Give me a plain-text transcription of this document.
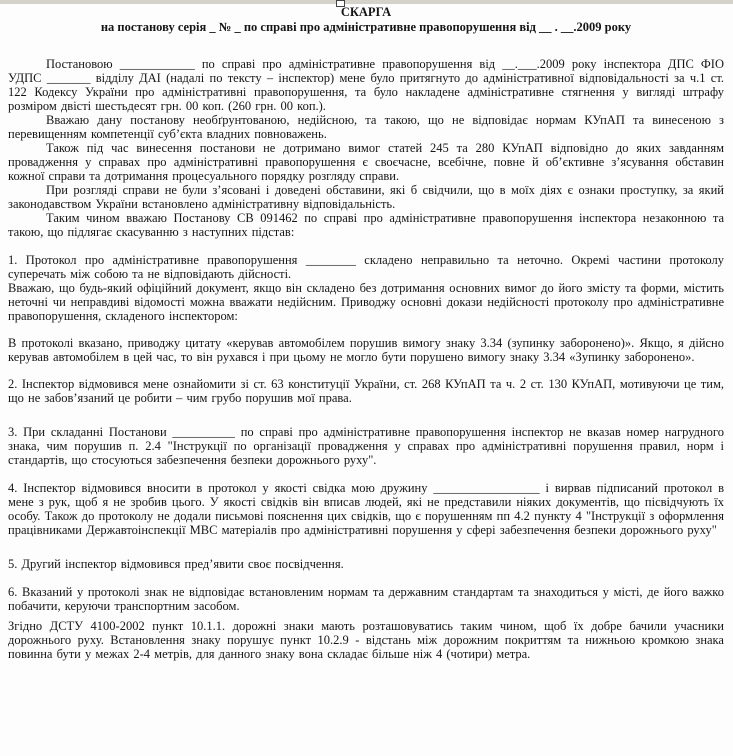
СКАРГА

на постанову серія _ № _ по справі про адміністративне правопорушення від __ . __.2009 року

Постановою ____________ по справі про адміністративне правопорушення від __.___.2009 року інспектора ДПС ФІО УДПС _______ відділу ДАІ (надалі по тексту – інспектор) мене було притягнуто до адміністративної відповідальності за ч.1 ст. 122 Кодексу України про адміністративні правопорушення, та було накладене адміністративне стягнення у вигляді штрафу розміром двісті шестьдесят грн. 00 коп. (260 грн. 00 коп.).

Вважаю дану постанову необґрунтованою, недійсною, та такою, що не відповідає нормам КУпАП та винесеною з перевищенням компетенції суб’єкта владних повноважень.

Також під час винесення постанови не дотримано вимог статей 245 та 280 КУпАП відповідно до яких завданням провадження у справах про адміністративні правопорушення є своєчасне, всебічне, повне й об’єктивне з’ясування обставин кожної справи та дотримання процесуального порядку розгляду справи.

При розгляді справи не були з’ясовані і доведені обставини, які б свідчили, що в моїх діях є ознаки проступку, за який законодавством України встановлено адміністративну відповідальність.

Таким чином вважаю Постанову СВ 091462 по справі про адміністративне правопорушення інспектора незаконною та такою, що підлягає скасуванню з наступних підстав:

1. Протокол про адміністративне правопорушення ________ складено неправильно та неточно. Окремі частини протоколу суперечать між собою та не відповідають дійсності.

Вважаю, що будь-який офіційний документ, якщо він складено без дотримання основних вимог до його змісту та форми, містить неточні чи неправдиві відомості можна вважати недійсним. Приводжу основні докази недійсності протоколу про адміністративне правопорушення, складеного інспектором:

В протоколі вказано, приводжу цитату «керував автомобілем порушив вимогу знаку 3.34 (зупинку заборонено)». Якщо, я дійсно керував автомобілем в цей час, то він рухався і при цьому не могло бути порушено вимогу знаку 3.34 «Зупинку заборонено».

2. Інспектор відмовився мене ознайомити зі ст. 63 конституції України, ст. 268 КУпАП та ч. 2 ст. 130 КУпАП, мотивуючи це тим, що не забов’язаний це робити – чим грубо порушив мої права.

3. При складанні Постанови __________ по справі про адміністративне правопорушення інспектор не вказав номер нагрудного знака, чим порушив п. 2.4 "Інструкції по організації провадження у справах про адміністративні порушення правил, норм і стандартів, що стосуються забезпечення безпеки дорожнього руху".

4. Інспектор відмовився вносити в протокол у якості свідка мою дружину _________________ і вирвав підписаний протокол в мене з рук, щоб я не зробив цього. У якості свідків він вписав людей, які не представили ніяких документів, що пісвідчують їх особу. Також до протоколу не додали письмові пояснення цих свідків, що є порушенням пп 4.2 пункту 4 "Інструкції з оформлення працівниками Державтоінспекції МВС матеріалів про адміністративні порушення у сфері забезпечення безпеки дорожнього руху"

5. Другий інспектор відмовився пред’явити своє посвідчення.

6. Вказаний у протоколі знак не відповідає встановленим нормам та державним стандартам та знаходиться у місті, де його важко побачити, керуючи транспортним засобом.

Згідно ДСТУ 4100-2002 пункт 10.1.1. дорожні знаки мають розташовуватись таким чином, щоб їх добре бачили учасники дорожнього руху. Встановлення знаку порушує пункт 10.2.9 - відстань між дорожним покриттям та нижньою кромкою знака повинна бути у межах 2-4 метрів, для данного знаку вона складає більше ніж 4 (чотири) метра.
